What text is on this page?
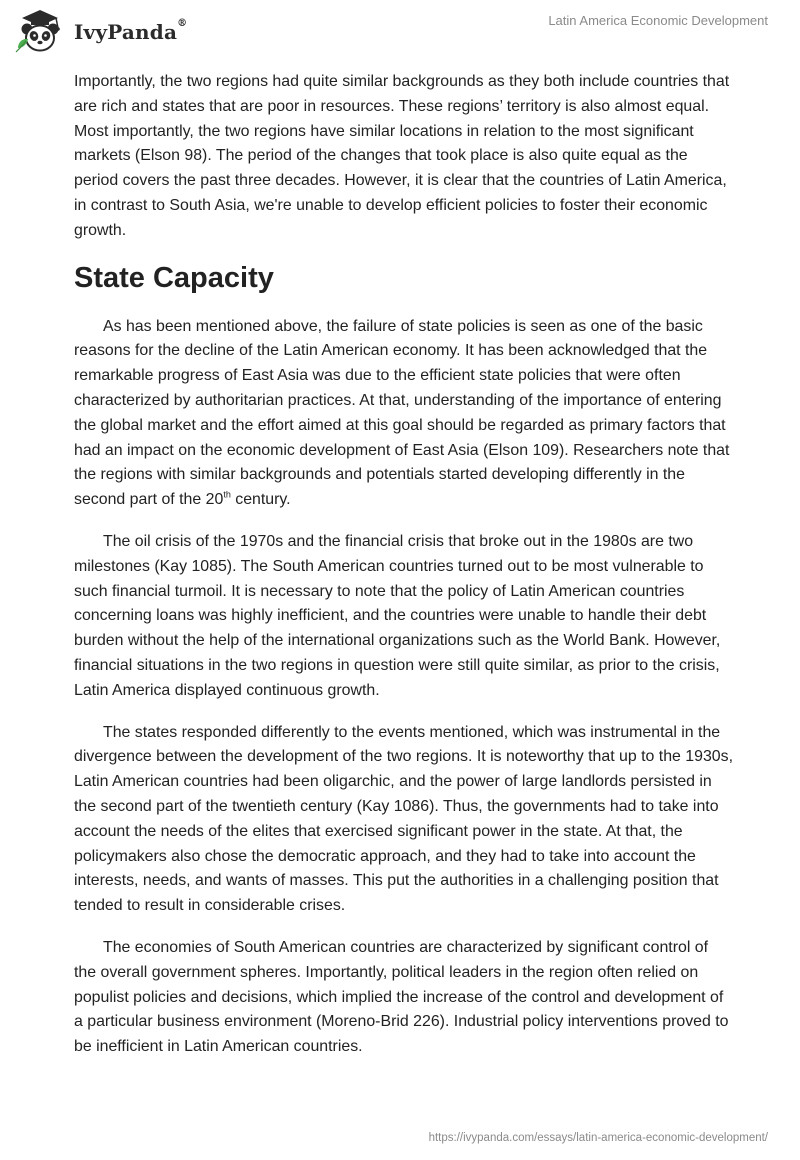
IvyPanda®	Latin America Economic Development

Importantly, the two regions had quite similar backgrounds as they both include countries that are rich and states that are poor in resources. These regions’ territory is also almost equal. Most importantly, the two regions have similar locations in relation to the most significant markets (Elson 98). The period of the changes that took place is also quite equal as the period covers the past three decades. However, it is clear that the countries of Latin America, in contrast to South Asia, we're unable to develop efficient policies to foster their economic growth.

State Capacity

As has been mentioned above, the failure of state policies is seen as one of the basic reasons for the decline of the Latin American economy. It has been acknowledged that the remarkable progress of East Asia was due to the efficient state policies that were often characterized by authoritarian practices. At that, understanding of the importance of entering the global market and the effort aimed at this goal should be regarded as primary factors that had an impact on the economic development of East Asia (Elson 109). Researchers note that the regions with similar backgrounds and potentials started developing differently in the second part of the 20th century.

The oil crisis of the 1970s and the financial crisis that broke out in the 1980s are two milestones (Kay 1085). The South American countries turned out to be most vulnerable to such financial turmoil. It is necessary to note that the policy of Latin American countries concerning loans was highly inefficient, and the countries were unable to handle their debt burden without the help of the international organizations such as the World Bank. However, financial situations in the two regions in question were still quite similar, as prior to the crisis, Latin America displayed continuous growth.

The states responded differently to the events mentioned, which was instrumental in the divergence between the development of the two regions. It is noteworthy that up to the 1930s, Latin American countries had been oligarchic, and the power of large landlords persisted in the second part of the twentieth century (Kay 1086). Thus, the governments had to take into account the needs of the elites that exercised significant power in the state. At that, the policymakers also chose the democratic approach, and they had to take into account the interests, needs, and wants of masses. This put the authorities in a challenging position that tended to result in considerable crises.

The economies of South American countries are characterized by significant control of the overall government spheres. Importantly, political leaders in the region often relied on populist policies and decisions, which implied the increase of the control and development of a particular business environment (Moreno-Brid 226). Industrial policy interventions proved to be inefficient in Latin American countries.

https://ivypanda.com/essays/latin-america-economic-development/
